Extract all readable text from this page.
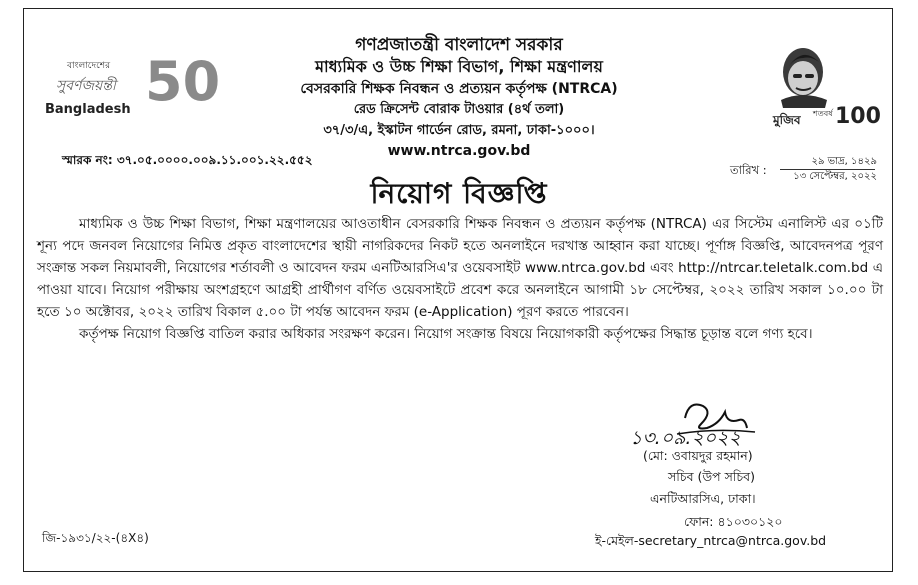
বাংলাদেশের
সুবর্ণজয়ন্তী
Bangladesh 50
মুজিব শতবর্ষ 100
গণপ্রজাতন্ত্রী বাংলাদেশ সরকার
মাধ্যমিক ও উচ্চ শিক্ষা বিভাগ, শিক্ষা মন্ত্রণালয়
বেসরকারি শিক্ষক নিবন্ধন ও প্রত্যয়ন কর্তৃপক্ষ (NTRCA)
রেড ক্রিসেন্ট বোরাক টাওয়ার (৪র্থ তলা)
৩৭/৩/এ, ইস্কাটন গার্ডেন রোড, রমনা, ঢাকা-১০০০।
www.ntrca.gov.bd
স্মারক নং: ৩৭.০৫.০০০০.০০৯.১১.০০১.২২.৫৫২
তারিখ :
২৯ ভাদ্র, ১৪২৯
১৩ সেপ্টেম্বর, ২০২২
নিয়োগ বিজ্ঞপ্তি

মাধ্যমিক ও উচ্চ শিক্ষা বিভাগ, শিক্ষা মন্ত্রণালয়ের আওতাধীন বেসরকারি শিক্ষক নিবন্ধন ও প্রত্যয়ন কর্তৃপক্ষ (NTRCA) এর সিস্টেম এনালিস্ট এর ০১টি শূন্য পদে জনবল নিয়োগের নিমিত্ত প্রকৃত বাংলাদেশের স্থায়ী নাগরিকদের নিকট হতে অনলাইনে দরখাস্ত আহ্বান করা যাচ্ছে। পূর্ণাঙ্গ বিজ্ঞপ্তি, আবেদনপত্র পূরণ সংক্রান্ত সকল নিয়মাবলী, নিয়োগের শর্তাবলী ও আবেদন ফরম এনটিআরসিএ'র ওয়েবসাইট www.ntrca.gov.bd এবং http://ntrcar.teletalk.com.bd এ পাওয়া যাবে। নিয়োগ পরীক্ষায় অংশগ্রহণে আগ্রহী প্রার্থীগণ বর্ণিত ওয়েবসাইটে প্রবেশ করে অনলাইনে আগামী ১৮ সেপ্টেম্বর, ২০২২ তারিখ সকাল ১০.০০ টা হতে ১০ অক্টোবর, ২০২২ তারিখ বিকাল ৫.০০ টা পর্যন্ত আবেদন ফরম (e-Application) পূরণ করতে পারবেন।

কর্তৃপক্ষ নিয়োগ বিজ্ঞপ্তি বাতিল করার অধিকার সংরক্ষণ করেন। নিয়োগ সংক্রান্ত বিষয়ে নিয়োগকারী কর্তৃপক্ষের সিদ্ধান্ত চূড়ান্ত বলে গণ্য হবে।

১৩.০৯.২০২২
(মো: ওবায়দুর রহমান)
সচিব (উপ সচিব)
এনটিআরসিএ, ঢাকা।
ফোন: ৪১০৩০১২০
জি-১৯৩১/২২-(৪X৪)	ই-মেইল-secretary_ntrca@ntrca.gov.bd
